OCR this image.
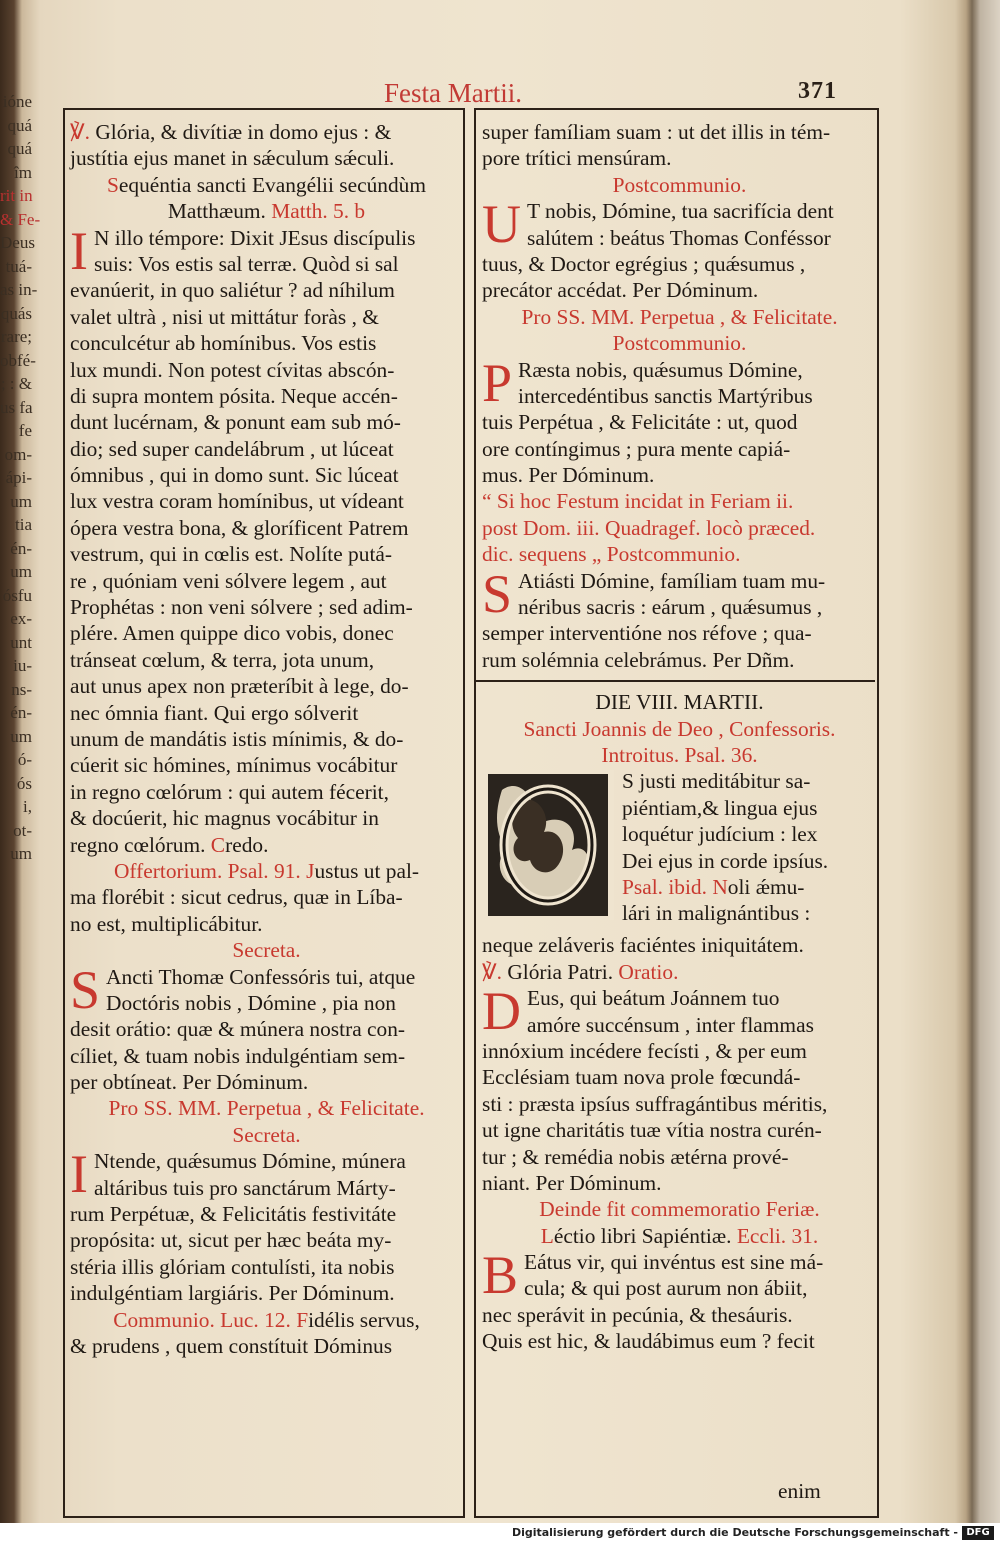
ióne
quá
quá
îm
rit in
& Fe-
Deus
tuá-
as in-
quás
rare;
obfé-
; : &
us fa
fe
om-
ápi-
um
tia
én-
um
ósfu
ex-
unt
iu-
ns-
én-
um
ó-
ós
i,
ot-
um
Festa Martii.	371
℣. Glória, & divítiæ in domo ejus : &
justítia ejus manet in sǽculum sǽculi.
Sequéntia sancti Evangélii secúndùm
Matthæum. Matth. 5. b
I N illo témpore: Dixit JEsus discípulis
suis: Vos estis sal terræ. Quòd si sal
evanúerit, in quo saliétur ? ad níhilum
valet ultrà , nisi ut mittátur foràs , &
conculcétur ab homínibus. Vos estis
lux mundi. Non potest cívitas abscón-
di supra montem pósita. Neque accén-
dunt lucérnam, & ponunt eam sub mó-
dio; sed super candelábrum , ut lúceat
ómnibus , qui in domo sunt. Sic lúceat
lux vestra coram homínibus, ut vídeant
ópera vestra bona, & gloríficent Patrem
vestrum, qui in cœlis est. Nolíte putá-
re , quóniam veni sólvere legem , aut
Prophétas : non veni sólvere ; sed adim-
plére. Amen quippe dico vobis, donec
tránseat cœlum, & terra, jota unum,
aut unus apex non præteríbit à lege, do-
nec ómnia fiant. Qui ergo sólverit
unum de mandátis istis mínimis, & do-
cúerit sic hómines, mínimus vocábitur
in regno cœlórum : qui autem fécerit,
& docúerit, hic magnus vocábitur in
regno cœlórum. Credo.
Offertorium. Psal. 91. Justus ut pal-
ma florébit : sicut cedrus, quæ in Líba-
no est, multiplicábitur.
Secreta.
S Ancti Thomæ Confessóris tui, atque
Doctóris nobis , Dómine , pia non
desit orátio: quæ & múnera nostra con-
cíliet, & tuam nobis indulgéntiam sem-
per obtíneat. Per Dóminum.
Pro SS. MM. Perpetua , & Felicitate.
Secreta.
I Ntende, quǽsumus Dómine, múnera
altáribus tuis pro sanctárum Márty-
rum Perpétuæ, & Felicitátis festivitáte
propósita: ut, sicut per hæc beáta my-
stéria illis glóriam contulísti, ita nobis
indulgéntiam largiáris. Per Dóminum.
Communio. Luc. 12. Fidélis servus,
& prudens , quem constítuit Dóminus
super famíliam suam : ut det illis in tém-
pore trítici mensúram.
Postcommunio.
U T nobis, Dómine, tua sacrifícia dent
salútem : beátus Thomas Conféssor
tuus, & Doctor egrégius ; quǽsumus ,
precátor accédat. Per Dóminum.
Pro SS. MM. Perpetua , & Felicitate.
Postcommunio.
P Ræsta nobis, quǽsumus Dómine,
intercedéntibus sanctis Martýribus
tuis Perpétua , & Felicitáte : ut, quod
ore contíngimus ; pura mente capiá-
mus. Per Dóminum.
“ Si hoc Festum incidat in Feriam ii.
post Dom. iii. Quadragef. locò præced.
dic. sequens „ Postcommunio.
S Atiásti Dómine, famíliam tuam mu-
néribus sacris : eárum , quǽsumus ,
semper interventióne nos réfove ; qua-
rum solémnia celebrámus. Per Dñm.
DIE VIII. MARTII.
Sancti Joannis de Deo , Confessoris.
Introitus. Psal. 36.
S justi meditábitur sa-
piéntiam,& lingua ejus
loquétur judícium : lex
Dei ejus in corde ipsíus.
Psal. ibid. Noli ǽmu-
lári in malignántibus :
neque zeláveris faciéntes iniquitátem.
℣. Glória Patri. Oratio.
D Eus, qui beátum Joánnem tuo
amóre succénsum , inter flammas
innóxium incédere fecísti , & per eum
Ecclésiam tuam nova prole fœcundá-
sti : præsta ipsíus suffragántibus méritis,
ut igne charitátis tuæ vítia nostra curén-
tur ; & remédia nobis ætérna prové-
niant. Per Dóminum.
Deinde fit commemoratio Feriæ.
Léctio libri Sapiéntiæ. Eccli. 31.
B Eátus vir, qui invéntus est sine má-
cula; & qui post aurum non ábiit,
nec sperávit in pecúnia, & thesáuris.
Quis est hic, & laudábimus eum ? fecit
enim
Digitalisierung gefördert durch die Deutsche Forschungsgemeinschaft - DFG
